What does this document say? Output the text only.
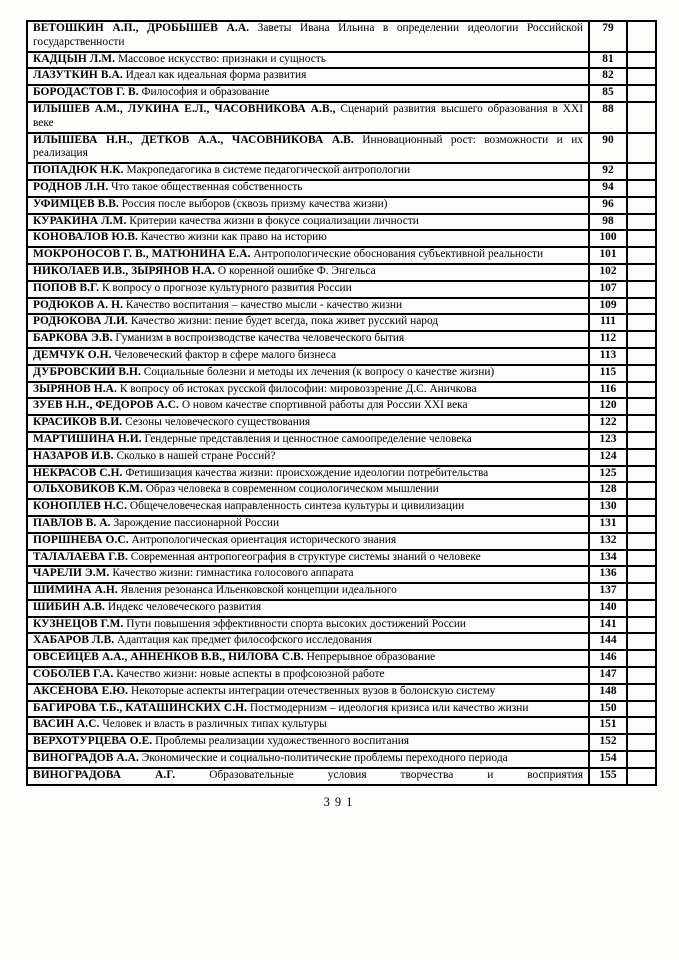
ВЕТОШКИН А.П., ДРОБЫШЕВ А.А. Заветы Ивана Ильина в определении идеологии Российской государственности	79	
КАДЦЫН Л.М. Массовое искусство: признаки и сущность	81	
ЛАЗУТКИН В.А. Идеал как идеальная форма развития	82	
БОРОДАСТОВ Г. В. Философия и образование	85	
ИЛЫШЕВ А.М., ЛУКИНА Е.Л., ЧАСОВНИКОВА А.В., Сценарий развития высшего образования в XXI веке	88	
ИЛЫШЕВА Н.Н., ДЕТКОВ А.А., ЧАСОВНИКОВА А.В. Инновационный рост: возможности и их реализация	90	
ПОПАДЮК Н.К. Макропедагогика в системе педагогической антропологии	92	
РОДНОВ Л.Н. Что такое общественная собственность	94	
УФИМЦЕВ В.В. Россия после выборов (сквозь призму качества жизни)	96	
КУРАКИНА Л.М. Критерии качества жизни в фокусе социализации личности	98	
КОНОВАЛОВ Ю.В. Качество жизни как право на историю	100	
МОКРОНОСОВ Г. В., МАТЮНИНА Е.А. Антропологические обоснования субъективной реальности	101	
НИКОЛАЕВ И.В., ЗЫРЯНОВ Н.А. О коренной ошибке Ф. Энгельса	102	
ПОПОВ В.Г. К вопросу о прогнозе культурного развития России	107	
РОДЮКОВ А. Н. Качество воспитания – качество мысли - качество жизни	109	
РОДЮКОВА Л.И. Качество жизни: пение будет всегда, пока живет русский народ	111	
БАРКОВА Э.В. Гуманизм в воспроизводстве качества человеческого бытия	112	
ДЕМЧУК О.Н. Человеческий фактор в сфере малого бизнеса	113	
ДУБРОВСКИЙ В.Н. Социальные болезни и методы их лечения (к вопросу о качестве жизни)	115	
ЗЫРЯНОВ Н.А. К вопросу об истоках русской философии: мировоззрение Д.С. Аничкова	116	
ЗУЕВ Н.Н., ФЕДОРОВ А.С. О новом качестве спортивной работы для России XXI века	120	
КРАСИКОВ В.И. Сезоны человеческого существования	122	
МАРТИШИНА Н.И. Гендерные представления и ценностное самоопределение человека	123	
НАЗАРОВ И.В. Сколько в нашей стране Россий?	124	
НЕКРАСОВ С.Н. Фетишизация качества жизни: происхождение идеологии потребительства	125	
ОЛЬХОВИКОВ К.М. Образ человека в современном социологическом мышлении	128	
КОНОПЛЕВ Н.С. Общечеловеческая направленность синтеза культуры и цивилизации	130	
ПАВЛОВ В. А. Зарождение пассионарной России	131	
ПОРШНЕВА О.С. Антропологическая ориентация исторического знания	132	
ТАЛАЛАЕВА Г.В. Современная антропогеография в структуре системы знаний о человеке	134	
ЧАРЕЛИ Э.М. Качество жизни: гимнастика голосового аппарата	136	
ШИМИНА А.Н. Явления резонанса Ильенковской концепции идеального	137	
ШИБИН А.В. Индекс человеческого развития	140	
КУЗНЕЦОВ Г.М. Пути повышения эффективности спорта высоких достижений России	141	
ХАБАРОВ Л.В. Адаптация как предмет философского исследования	144	
ОВСЕЙЦЕВ А.А., АННЕНКОВ В.В., НИЛОВА С.В. Непрерывное образование	146	
СОБОЛЕВ Г.А. Качество жизни: новые аспекты в профсоюзной работе	147	
АКСЁНОВА Е.Ю. Некоторые аспекты интеграции отечественных вузов в болонскую систему	148	
БАГИРОВА Т.Б., КАТАШИНСКИХ С.Н. Постмодернизм – идеология кризиса или качество жизни	150	
ВАСИН А.С. Человек и власть в различных типах культуры	151	
ВЕРХОТУРЦЕВА О.Е. Проблемы реализации художественного воспитания	152	
ВИНОГРАДОВ А.А. Экономические и социально-политические проблемы переходного периода	154	
ВИНОГРАДОВА А.Г. Образовательные условия творчества и восприятия	155	
391
